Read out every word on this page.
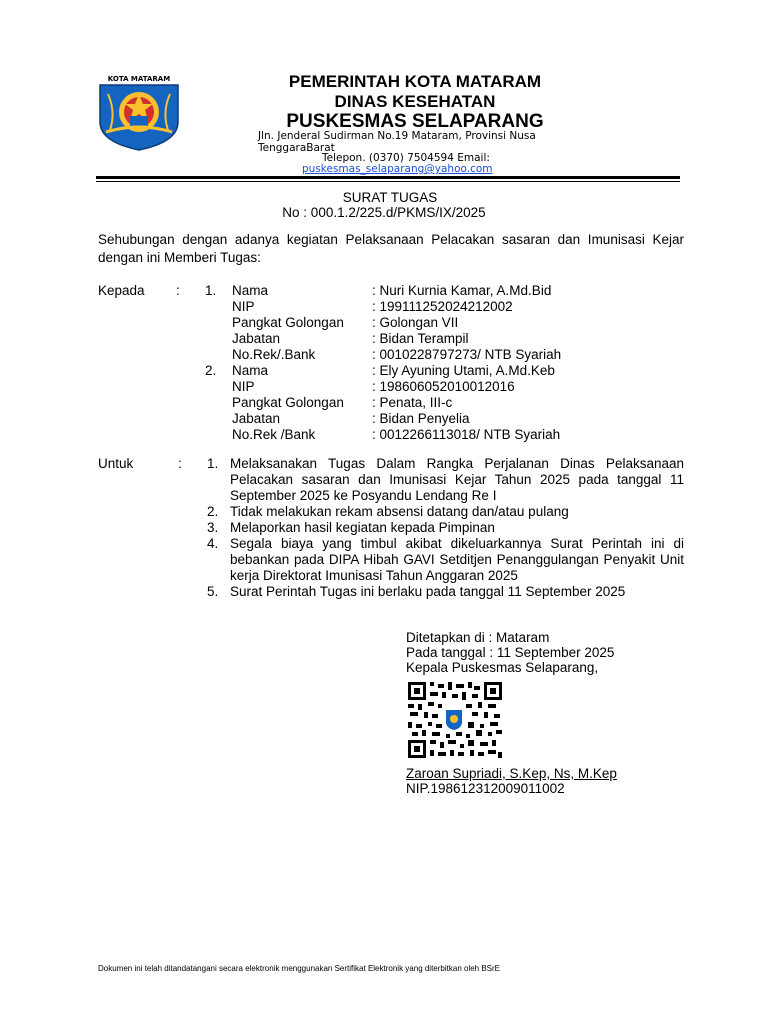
KOTA MATARAM	PEMERINTAH KOTA MATARAM
DINAS KESEHATAN
PUSKESMAS SELAPARANG
Jln. Jenderal Sudirman No.19 Mataram, Provinsi Nusa TenggaraBarat
Telepon. (0370) 7504594 Email:
puskesmas_selaparang@yahoo.com
SURAT TUGAS
No : 000.1.2/225.d/PKMS/IX/2025
Sehubungan dengan adanya kegiatan Pelaksanaan Pelacakan sasaran dan Imunisasi Kejar dengan ini Memberi Tugas:
Kepada : 1. Nama
NIP
Pangkat Golongan
Jabatan
No.Rek/.Bank
: Nuri Kurnia Kamar, A.Md.Bid
: 199111252024212002
: Golongan VII
: Bidan Terampil
: 0010228797273/ NTB Syariah
2. Nama
NIP
Pangkat Golongan
Jabatan
No.Rek /Bank
: Ely Ayuning Utami, A.Md.Keb
: 198606052010012016
: Penata, III-c
: Bidan Penyelia
: 0012266113018/ NTB Syariah
Untuk	: 1. Melaksanakan Tugas Dalam Rangka Perjalanan Dinas Pelaksanaan Pelacakan sasaran dan Imunisasi Kejar Tahun 2025 pada tanggal 11 September 2025 ke Posyandu Lendang Re I
2. Tidak melakukan rekam absensi datang dan/atau pulang
3. Melaporkan hasil kegiatan kepada Pimpinan
4. Segala biaya yang timbul akibat dikeluarkannya Surat Perintah ini di bebankan pada DIPA Hibah GAVI Setditjen Penanggulangan Penyakit Unit kerja Direktorat Imunisasi Tahun Anggaran 2025
5. Surat Perintah Tugas ini berlaku pada tanggal 11 September 2025
Ditetapkan di : Mataram
Pada tanggal : 11 September 2025
Kepala Puskesmas Selaparang,
Zaroan Supriadi, S.Kep, Ns, M.Kep
NIP.198612312009011002
Dokumen ini telah ditandatangani secara elektronik menggunakan Sertifikat Elektronik yang diterbitkan oleh BSrE
